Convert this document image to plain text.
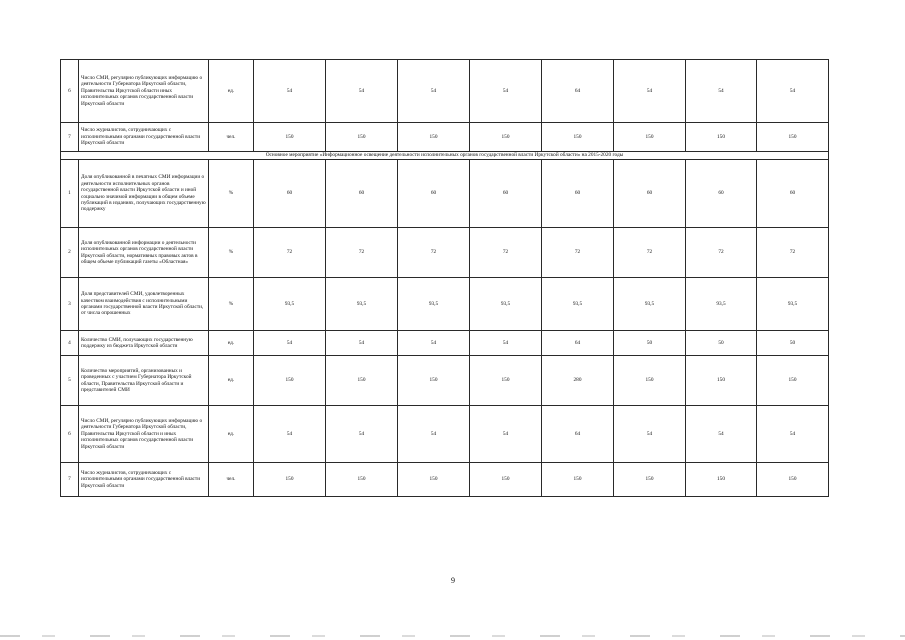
6	Число СМИ, регулярно публикующих информацию о деятельности Губернатора Иркутской области, Правительства Иркутской области иных исполнительных органов государственной власти Иркутской области	ед.	54	54	54	54	64	54	54	54
7	Число журналистов, сотрудничающих с исполнительными органами государственной власти Иркутской области	чел.	150	150	150	150	150	150	150	150
Основное мероприятие «Информационное освещение деятельности исполнительных органов государственной власти Иркутской области» на 2015-2020 годы										
1	Доля опубликованной в печатных СМИ информации о деятельности исполнительных органов государственной власти Иркутской области и иной социально значимой информации в общем объеме публикаций в изданиях, получающих государственную поддержку	%	60	60	60	60	60	60	60	60
2	Доля опубликованной информации о деятельности исполнительных органов государственной власти Иркутской области, нормативных правовых актов в общем объеме публикаций газеты «Областная»	%	72	72	72	72	72	72	72	72
3	Доля представителей СМИ, удовлетворенных качеством взаимодействия с исполнительными органами государственной власти Иркутской области, от числа опрошенных	%	93,5	93,5	93,5	93,5	93,5	93,5	93,5	93,5
4	Количество СМИ, получающих государственную поддержку из бюджета Иркутской области	ед.	54	54	54	54	64	50	50	50
5	Количество мероприятий, организованных и проведенных с участием Губернатора Иркутской области, Правительства Иркутской области и представителей СМИ	ед.	150	150	150	150	280	150	150	150
6	Число СМИ, регулярно публикующих информацию о деятельности Губернатора Иркутской области, Правительства Иркутской области и иных исполнительных органов государственной власти Иркутской области	ед.	54	54	54	54	64	54	54	54
7	Число журналистов, сотрудничающих с исполнительными органами государственной власти Иркутской области	чел.	150	150	150	150	150	150	150	150
9
